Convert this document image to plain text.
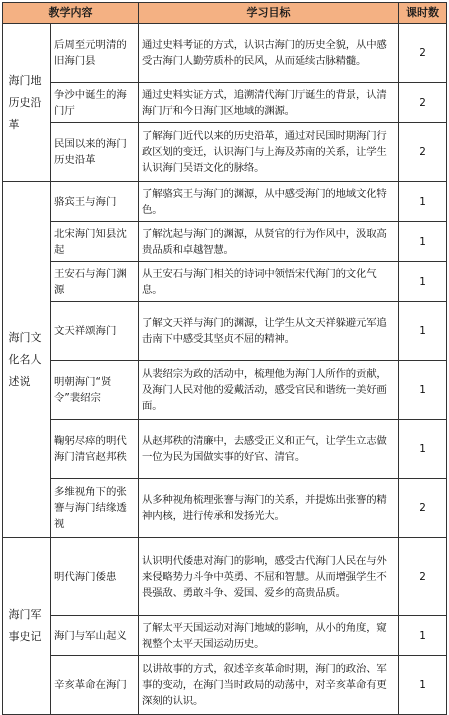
教学内容		学习目标	课时数
海门地历史沿革	后周至元明清的旧海门县	通过史料考证的方式，认识古海门的历史全貌，从中感受古海门人勤劳质朴的民风，从而延续古脉精髓。	2
	争沙中诞生的海门厅	通过史料实证方式，追溯清代海门厅诞生的背景，认清海门厅和今日海门区地域的渊源。	2
	民国以来的海门历史沿革	了解海门近代以来的历史沿革，通过对民国时期海门行政区划的变迁，认识海门与上海及苏南的关系，让学生认识海门吴语文化的脉络。	2
海门文化名人述说	骆宾王与海门	了解骆宾王与海门的渊源，从中感受海门的地域文化特色。	1
	北宋海门知县沈起	了解沈起与海门的渊源，从贤官的行为作风中，汲取高贵品质和卓越智慧。	1
	王安石与海门渊源	从王安石与海门相关的诗词中领悟宋代海门的文化气息。	1
	文天祥颂海门	了解文天祥与海门的渊源，让学生从文天祥躲避元军追击南下中感受其坚贞不屈的精神。	1
	明朝海门“贤令”裴绍宗	从裴绍宗为政的活动中，梳理他为海门人所作的贡献，及海门人民对他的爱戴活动，感受官民和谐统一美好画面。	1
	鞠躬尽瘁的明代海门清官赵邦秩	从赵邦秩的清廉中，去感受正义和正气，让学生立志做一位为民为国做实事的好官、清官。	1
	多维视角下的张謇与海门结缘透视	从多种视角梳理张謇与海门的关系，并提炼出张謇的精神内核，进行传承和发扬光大。	2
海门军事史记	明代海门倭患	认识明代倭患对海门的影响，感受古代海门人民在与外来侵略势力斗争中英勇、不屈和智慧。从而增强学生不畏强敌、勇敢斗争、爱国、爱乡的高贵品质。	2
	海门与军山起义	了解太平天国运动对海门地域的影响，从小的角度，窥视整个太平天国运动历史。	1
	辛亥革命在海门	以讲故事的方式，叙述辛亥革命时期，海门的政治、军事的变动，在海门当时政局的动荡中，对辛亥革命有更深刻的认识。	1
